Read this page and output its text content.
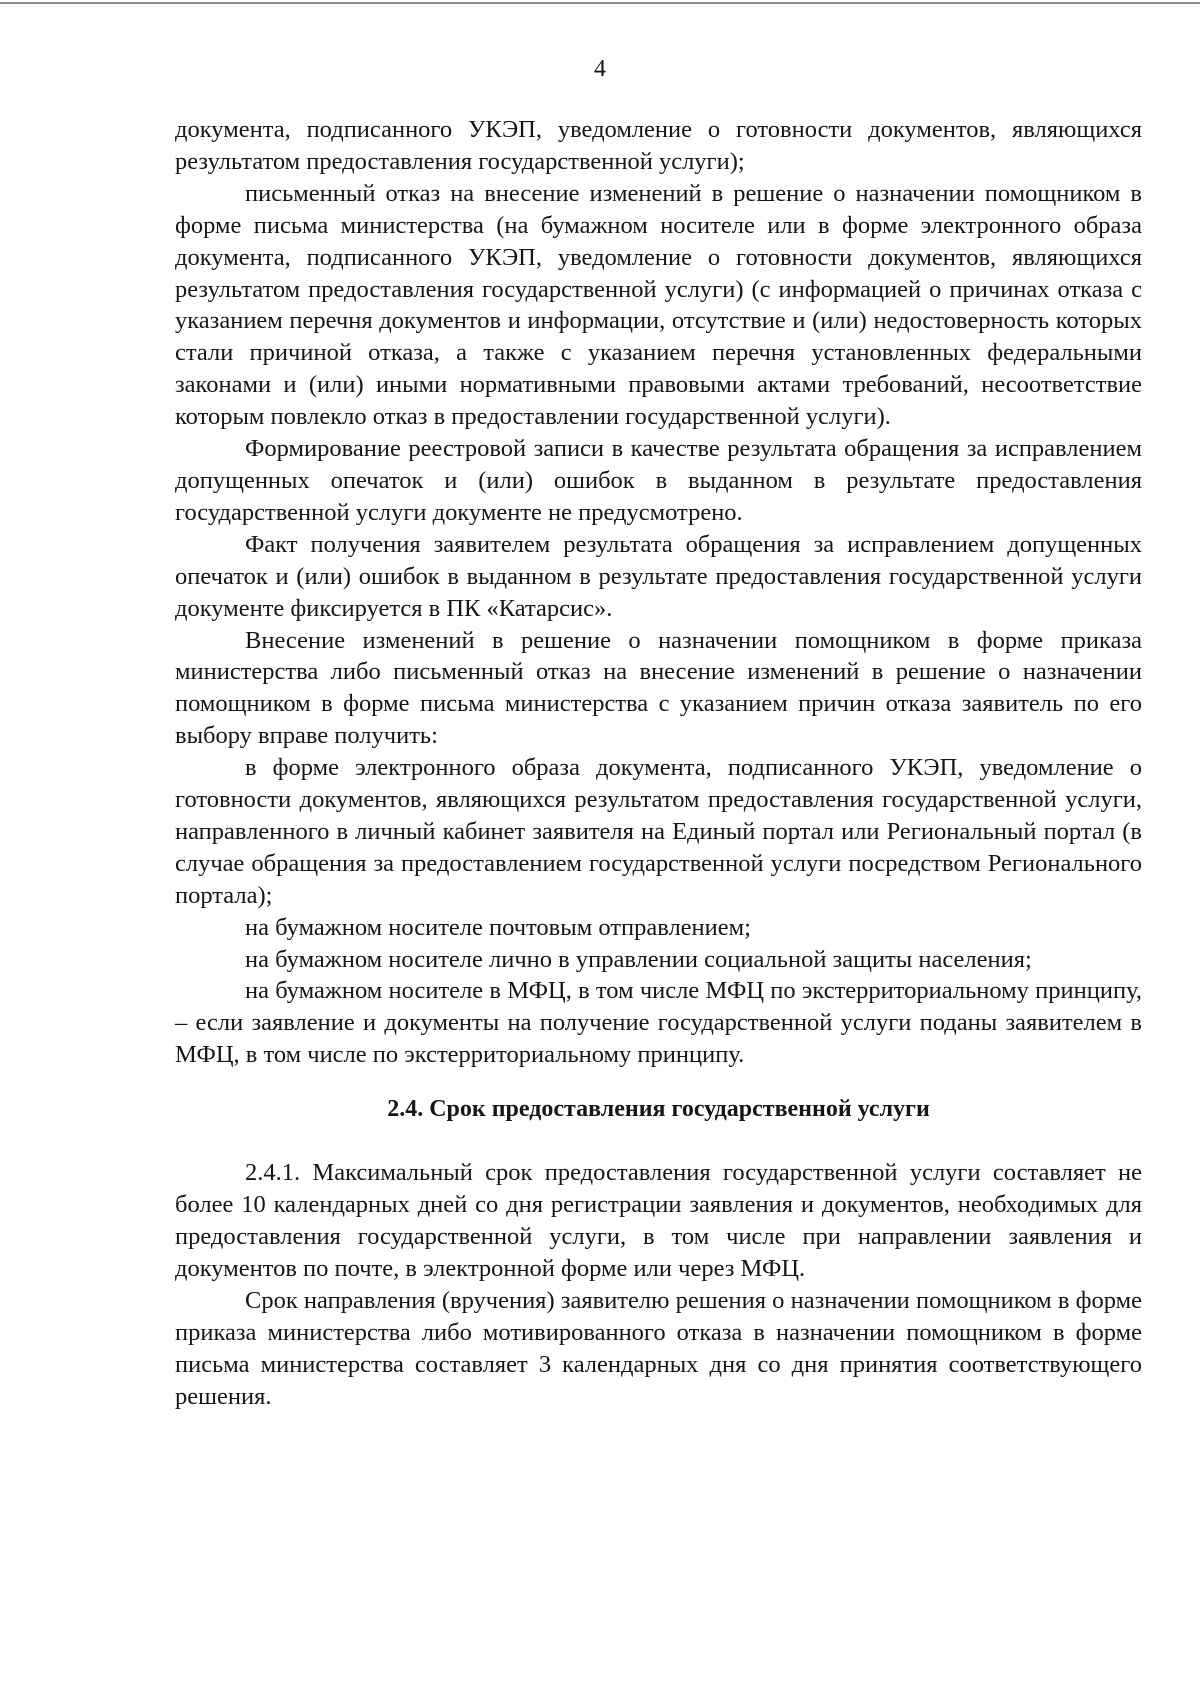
4

документа, подписанного УКЭП, уведомление о готовности документов, являющихся результатом предоставления государственной услуги);

письменный отказ на внесение изменений в решение о назначении помощником в форме письма министерства (на бумажном носителе или в форме электронного образа документа, подписанного УКЭП, уведомление о готовности документов, являющихся результатом предоставления государственной услуги) (с информацией о причинах отказа с указанием перечня документов и информации, отсутствие и (или) недостоверность которых стали причиной отказа, а также с указанием перечня установленных федеральными законами и (или) иными нормативными правовыми актами требований, несоответствие которым повлекло отказ в предоставлении государственной услуги).

Формирование реестровой записи в качестве результата обращения за исправлением допущенных опечаток и (или) ошибок в выданном в результате предоставления государственной услуги документе не предусмотрено.

Факт получения заявителем результата обращения за исправлением допущенных опечаток и (или) ошибок в выданном в результате предоставления государственной услуги документе фиксируется в ПК «Катарсис».

Внесение изменений в решение о назначении помощником в форме приказа министерства либо письменный отказ на внесение изменений в решение о назначении помощником в форме письма министерства с указанием причин отказа заявитель по его выбору вправе получить:

в форме электронного образа документа, подписанного УКЭП, уведомление о готовности документов, являющихся результатом предоставления государственной услуги, направленного в личный кабинет заявителя на Единый портал или Региональный портал (в случае обращения за предоставлением государственной услуги посредством Регионального портала);

на бумажном носителе почтовым отправлением;

на бумажном носителе лично в управлении социальной защиты населения;

на бумажном носителе в МФЦ, в том числе МФЦ по экстерриториальному принципу, – если заявление и документы на получение государственной услуги поданы заявителем в МФЦ, в том числе по экстерриториальному принципу.

2.4. Срок предоставления государственной услуги

2.4.1. Максимальный срок предоставления государственной услуги составляет не более 10 календарных дней со дня регистрации заявления и документов, необходимых для предоставления государственной услуги, в том числе при направлении заявления и документов по почте, в электронной форме или через МФЦ.

Срок направления (вручения) заявителю решения о назначении помощником в форме приказа министерства либо мотивированного отказа в назначении помощником в форме письма министерства составляет 3 календарных дня со дня принятия соответствующего решения.
